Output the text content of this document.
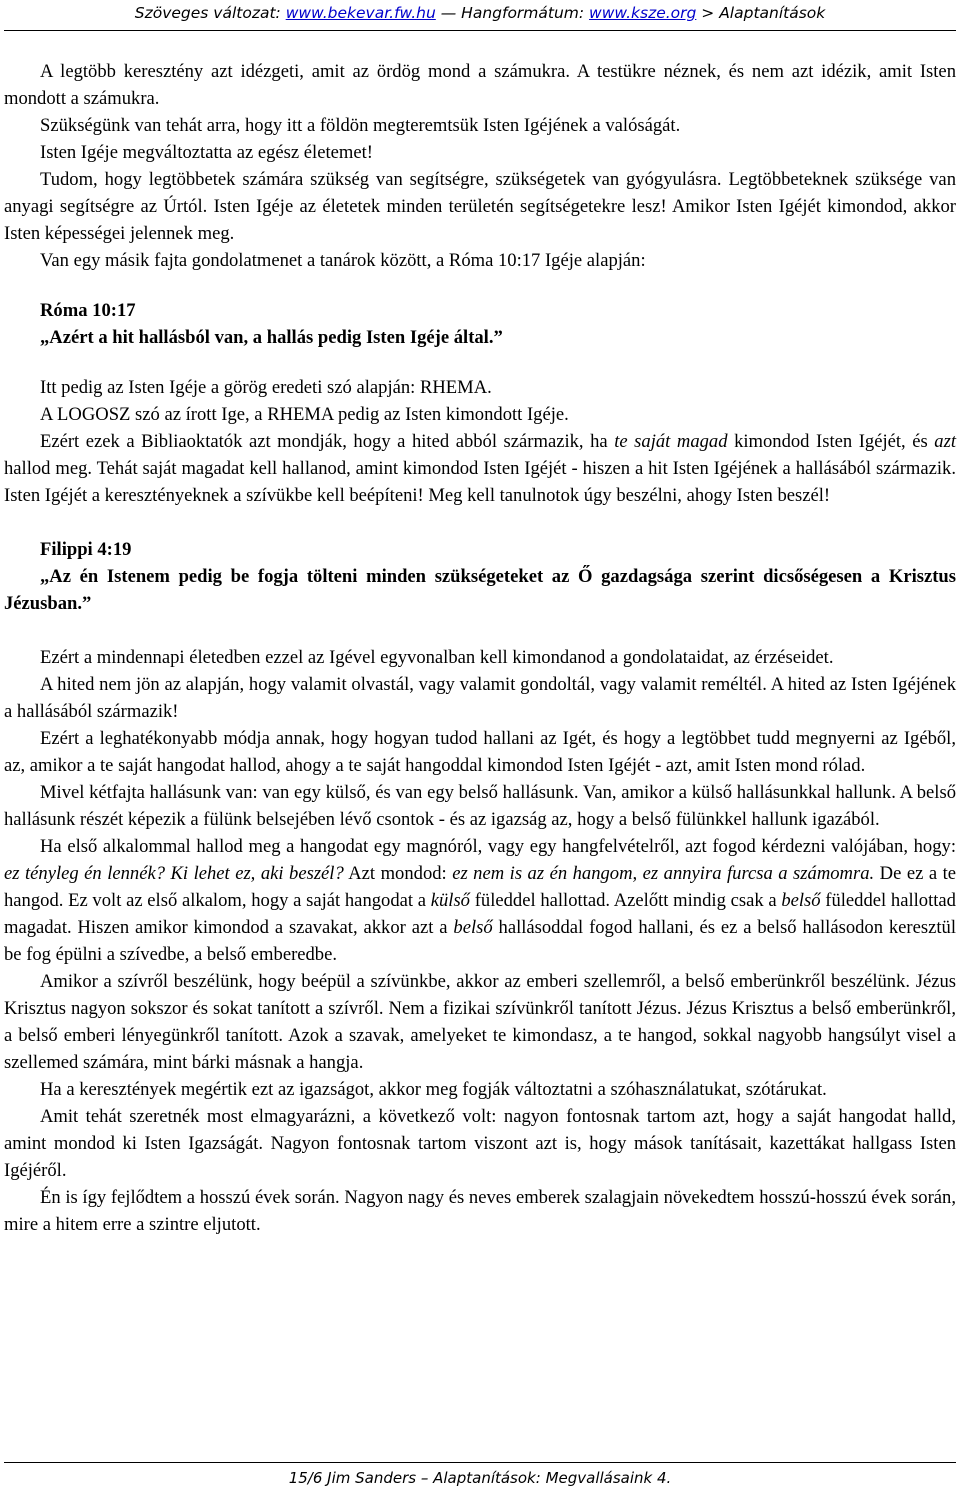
Szöveges változat: www.bekevar.fw.hu — Hangformátum: www.ksze.org > Alaptanítások

A legtöbb keresztény azt idézgeti, amit az ördög mond a számukra. A testükre néznek, és nem azt idézik, amit Isten mondott a számukra.

Szükségünk van tehát arra, hogy itt a földön megteremtsük Isten Igéjének a valóságát.

Isten Igéje megváltoztatta az egész életemet!

Tudom, hogy legtöbbetek számára szükség van segítségre, szükségetek van gyógyulásra. Legtöbbeteknek szüksége van anyagi segítségre az Úrtól. Isten Igéje az életetek minden területén segítségetekre lesz! Amikor Isten Igéjét kimondod, akkor Isten képességei jelennek meg.

Van egy másik fajta gondolatmenet a tanárok között, a Róma 10:17 Igéje alapján:

Róma 10:17

„Azért a hit hallásból van, a hallás pedig Isten Igéje által.”

Itt pedig az Isten Igéje a görög eredeti szó alapján: RHEMA.

A LOGOSZ szó az írott Ige, a RHEMA pedig az Isten kimondott Igéje.

Ezért ezek a Bibliaoktatók azt mondják, hogy a hited abból származik, ha te saját magad kimondod Isten Igéjét, és azt hallod meg. Tehát saját magadat kell hallanod, amint kimondod Isten Igéjét - hiszen a hit Isten Igéjének a hallásából származik. Isten Igéjét a keresztényeknek a szívükbe kell beépíteni! Meg kell tanulnotok úgy beszélni, ahogy Isten beszél!

Filippi 4:19

„Az én Istenem pedig be fogja tölteni minden szükségeteket az Ő gazdagsága szerint dicsőségesen a Krisztus Jézusban.”

Ezért a mindennapi életedben ezzel az Igével egyvonalban kell kimondanod a gondolataidat, az érzéseidet.

A hited nem jön az alapján, hogy valamit olvastál, vagy valamit gondoltál, vagy valamit reméltél. A hited az Isten Igéjének a hallásából származik!

Ezért a leghatékonyabb módja annak, hogy hogyan tudod hallani az Igét, és hogy a legtöbbet tudd megnyerni az Igéből, az, amikor a te saját hangodat hallod, ahogy a te saját hangoddal kimondod Isten Igéjét - azt, amit Isten mond rólad.

Mivel kétfajta hallásunk van: van egy külső, és van egy belső hallásunk. Van, amikor a külső hallásunkkal hallunk. A belső hallásunk részét képezik a fülünk belsejében lévő csontok - és az igazság az, hogy a belső fülünkkel hallunk igazából.

Ha első alkalommal hallod meg a hangodat egy magnóról, vagy egy hangfelvételről, azt fogod kérdezni valójában, hogy: ez tényleg én lennék? Ki lehet ez, aki beszél? Azt mondod: ez nem is az én hangom, ez annyira furcsa a számomra. De ez a te hangod. Ez volt az első alkalom, hogy a saját hangodat a külső füleddel hallottad. Azelőtt mindig csak a belső füleddel hallottad magadat. Hiszen amikor kimondod a szavakat, akkor azt a belső hallásoddal fogod hallani, és ez a belső hallásodon keresztül be fog épülni a szívedbe, a belső emberedbe.

Amikor a szívről beszélünk, hogy beépül a szívünkbe, akkor az emberi szellemről, a belső emberünkről beszélünk. Jézus Krisztus nagyon sokszor és sokat tanított a szívről. Nem a fizikai szívünkről tanított Jézus. Jézus Krisztus a belső emberünkről, a belső emberi lényegünkről tanított. Azok a szavak, amelyeket te kimondasz, a te hangod, sokkal nagyobb hangsúlyt visel a szellemed számára, mint bárki másnak a hangja.

Ha a keresztények megértik ezt az igazságot, akkor meg fogják változtatni a szóhasználatukat, szótárukat.

Amit tehát szeretnék most elmagyarázni, a következő volt: nagyon fontosnak tartom azt, hogy a saját hangodat halld, amint mondod ki Isten Igazságát. Nagyon fontosnak tartom viszont azt is, hogy mások tanításait, kazettákat hallgass Isten Igéjéről.

Én is így fejlődtem a hosszú évek során. Nagyon nagy és neves emberek szalagjain növekedtem hosszú-hosszú évek során, mire a hitem erre a szintre eljutott.

15/6 Jim Sanders – Alaptanítások: Megvallásaink 4.
